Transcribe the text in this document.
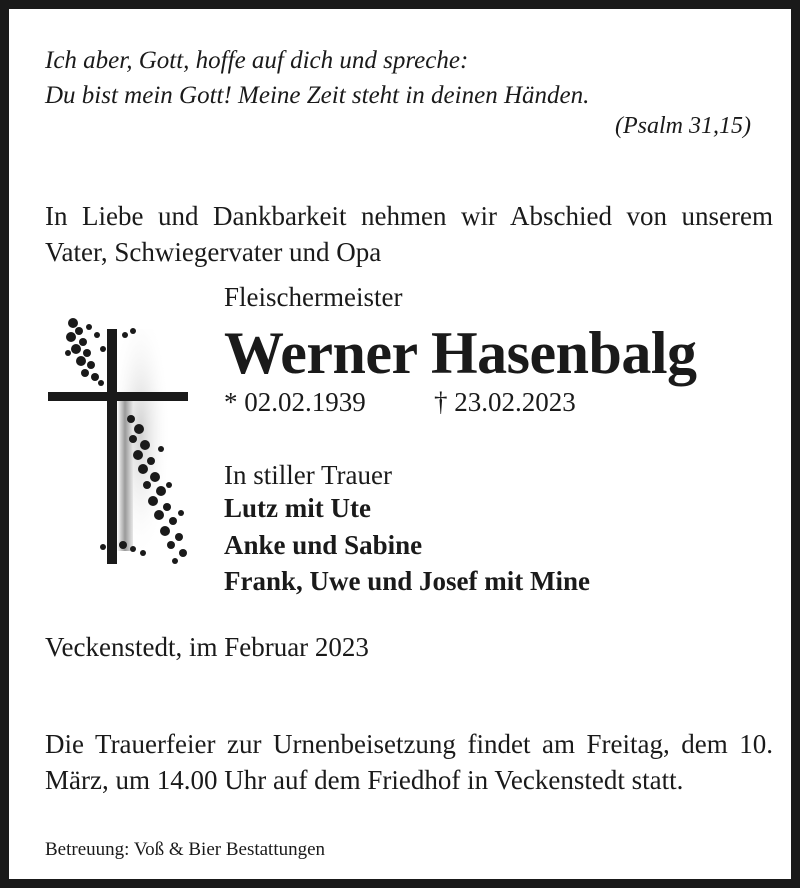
Ich aber, Gott, hoffe auf dich und spreche:

Du bist mein Gott! Meine Zeit steht in deinen Händen.

(Psalm 31,15)

In Liebe und Dankbarkeit nehmen wir Abschied von unserem Vater, Schwiegervater und Opa

Fleischermeister

Werner Hasenbalg

* 02.02.1939	† 23.02.2023

In stiller Trauer

Lutz mit Ute

Anke und Sabine

Frank, Uwe und Josef mit Mine

Veckenstedt, im Februar 2023

Die Trauerfeier zur Urnenbeisetzung findet am Freitag, dem 10. März, um 14.00 Uhr auf dem Friedhof in Veckenstedt statt.

Betreuung: Voß & Bier Bestattungen
